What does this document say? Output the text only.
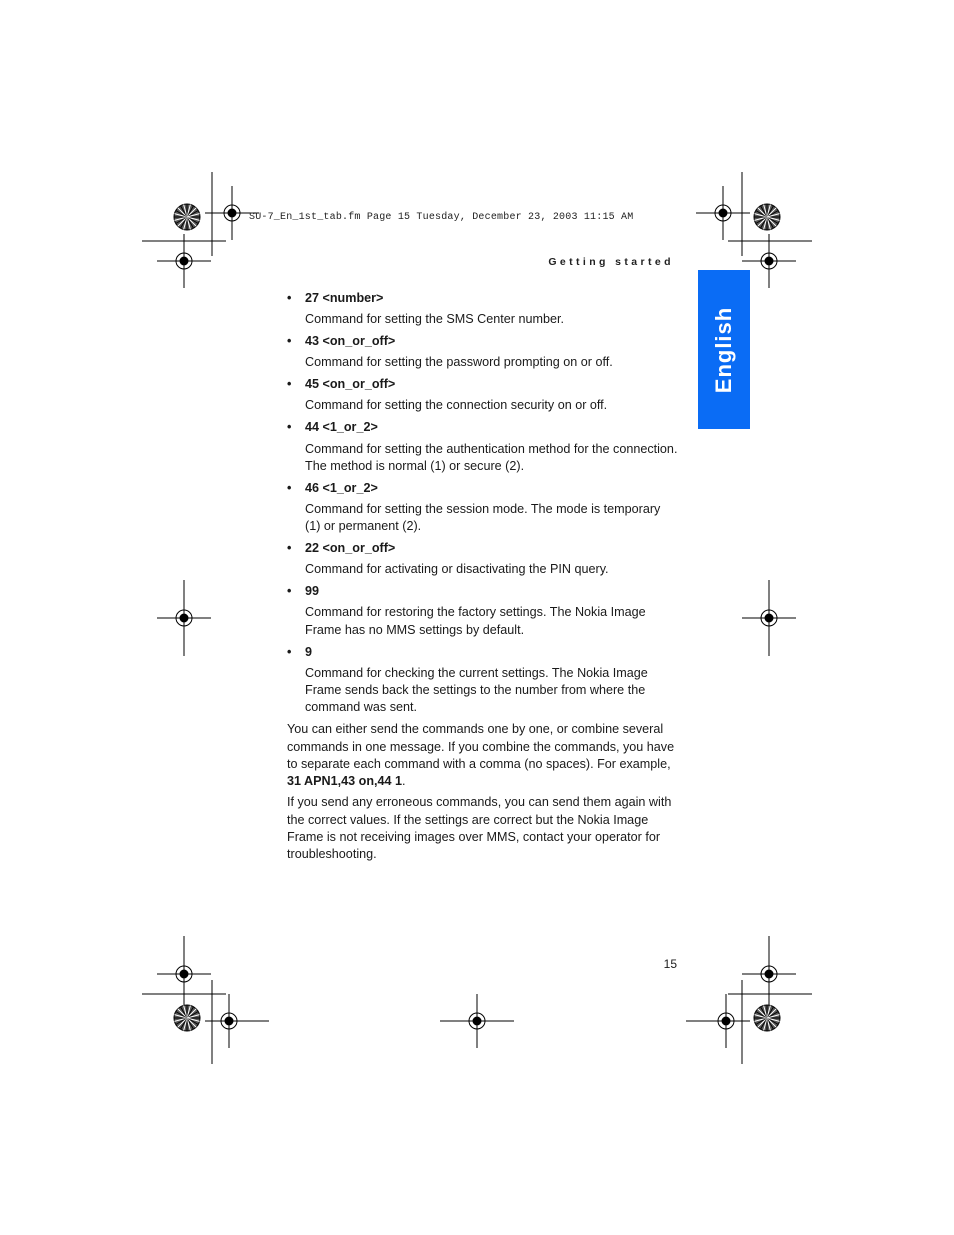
SU-7_En_1st_tab.fm Page 15 Tuesday, December 23, 2003 11:15 AM
Getting started
English

• 27 <number>

Command for setting the SMS Center number.

• 43 <on_or_off>

Command for setting the password prompting on or off.

• 45 <on_or_off>

Command for setting the connection security on or off.

• 44 <1_or_2>

Command for setting the authentication method for the connection. The method is normal (1) or secure (2).

• 46 <1_or_2>

Command for setting the session mode. The mode is temporary (1) or permanent (2).

• 22 <on_or_off>

Command for activating or disactivating the PIN query.

• 99

Command for restoring the factory settings. The Nokia Image Frame has no MMS settings by default.

• 9

Command for checking the current settings. The Nokia Image Frame sends back the settings to the number from where the command was sent.

You can either send the commands one by one, or combine several commands in one message. If you combine the commands, you have to separate each command with a comma (no spaces). For example, 31 APN1,43 on,44 1.

If you send any erroneous commands, you can send them again with the correct values. If the settings are correct but the Nokia Image Frame is not receiving images over MMS, contact your operator for troubleshooting.

15
